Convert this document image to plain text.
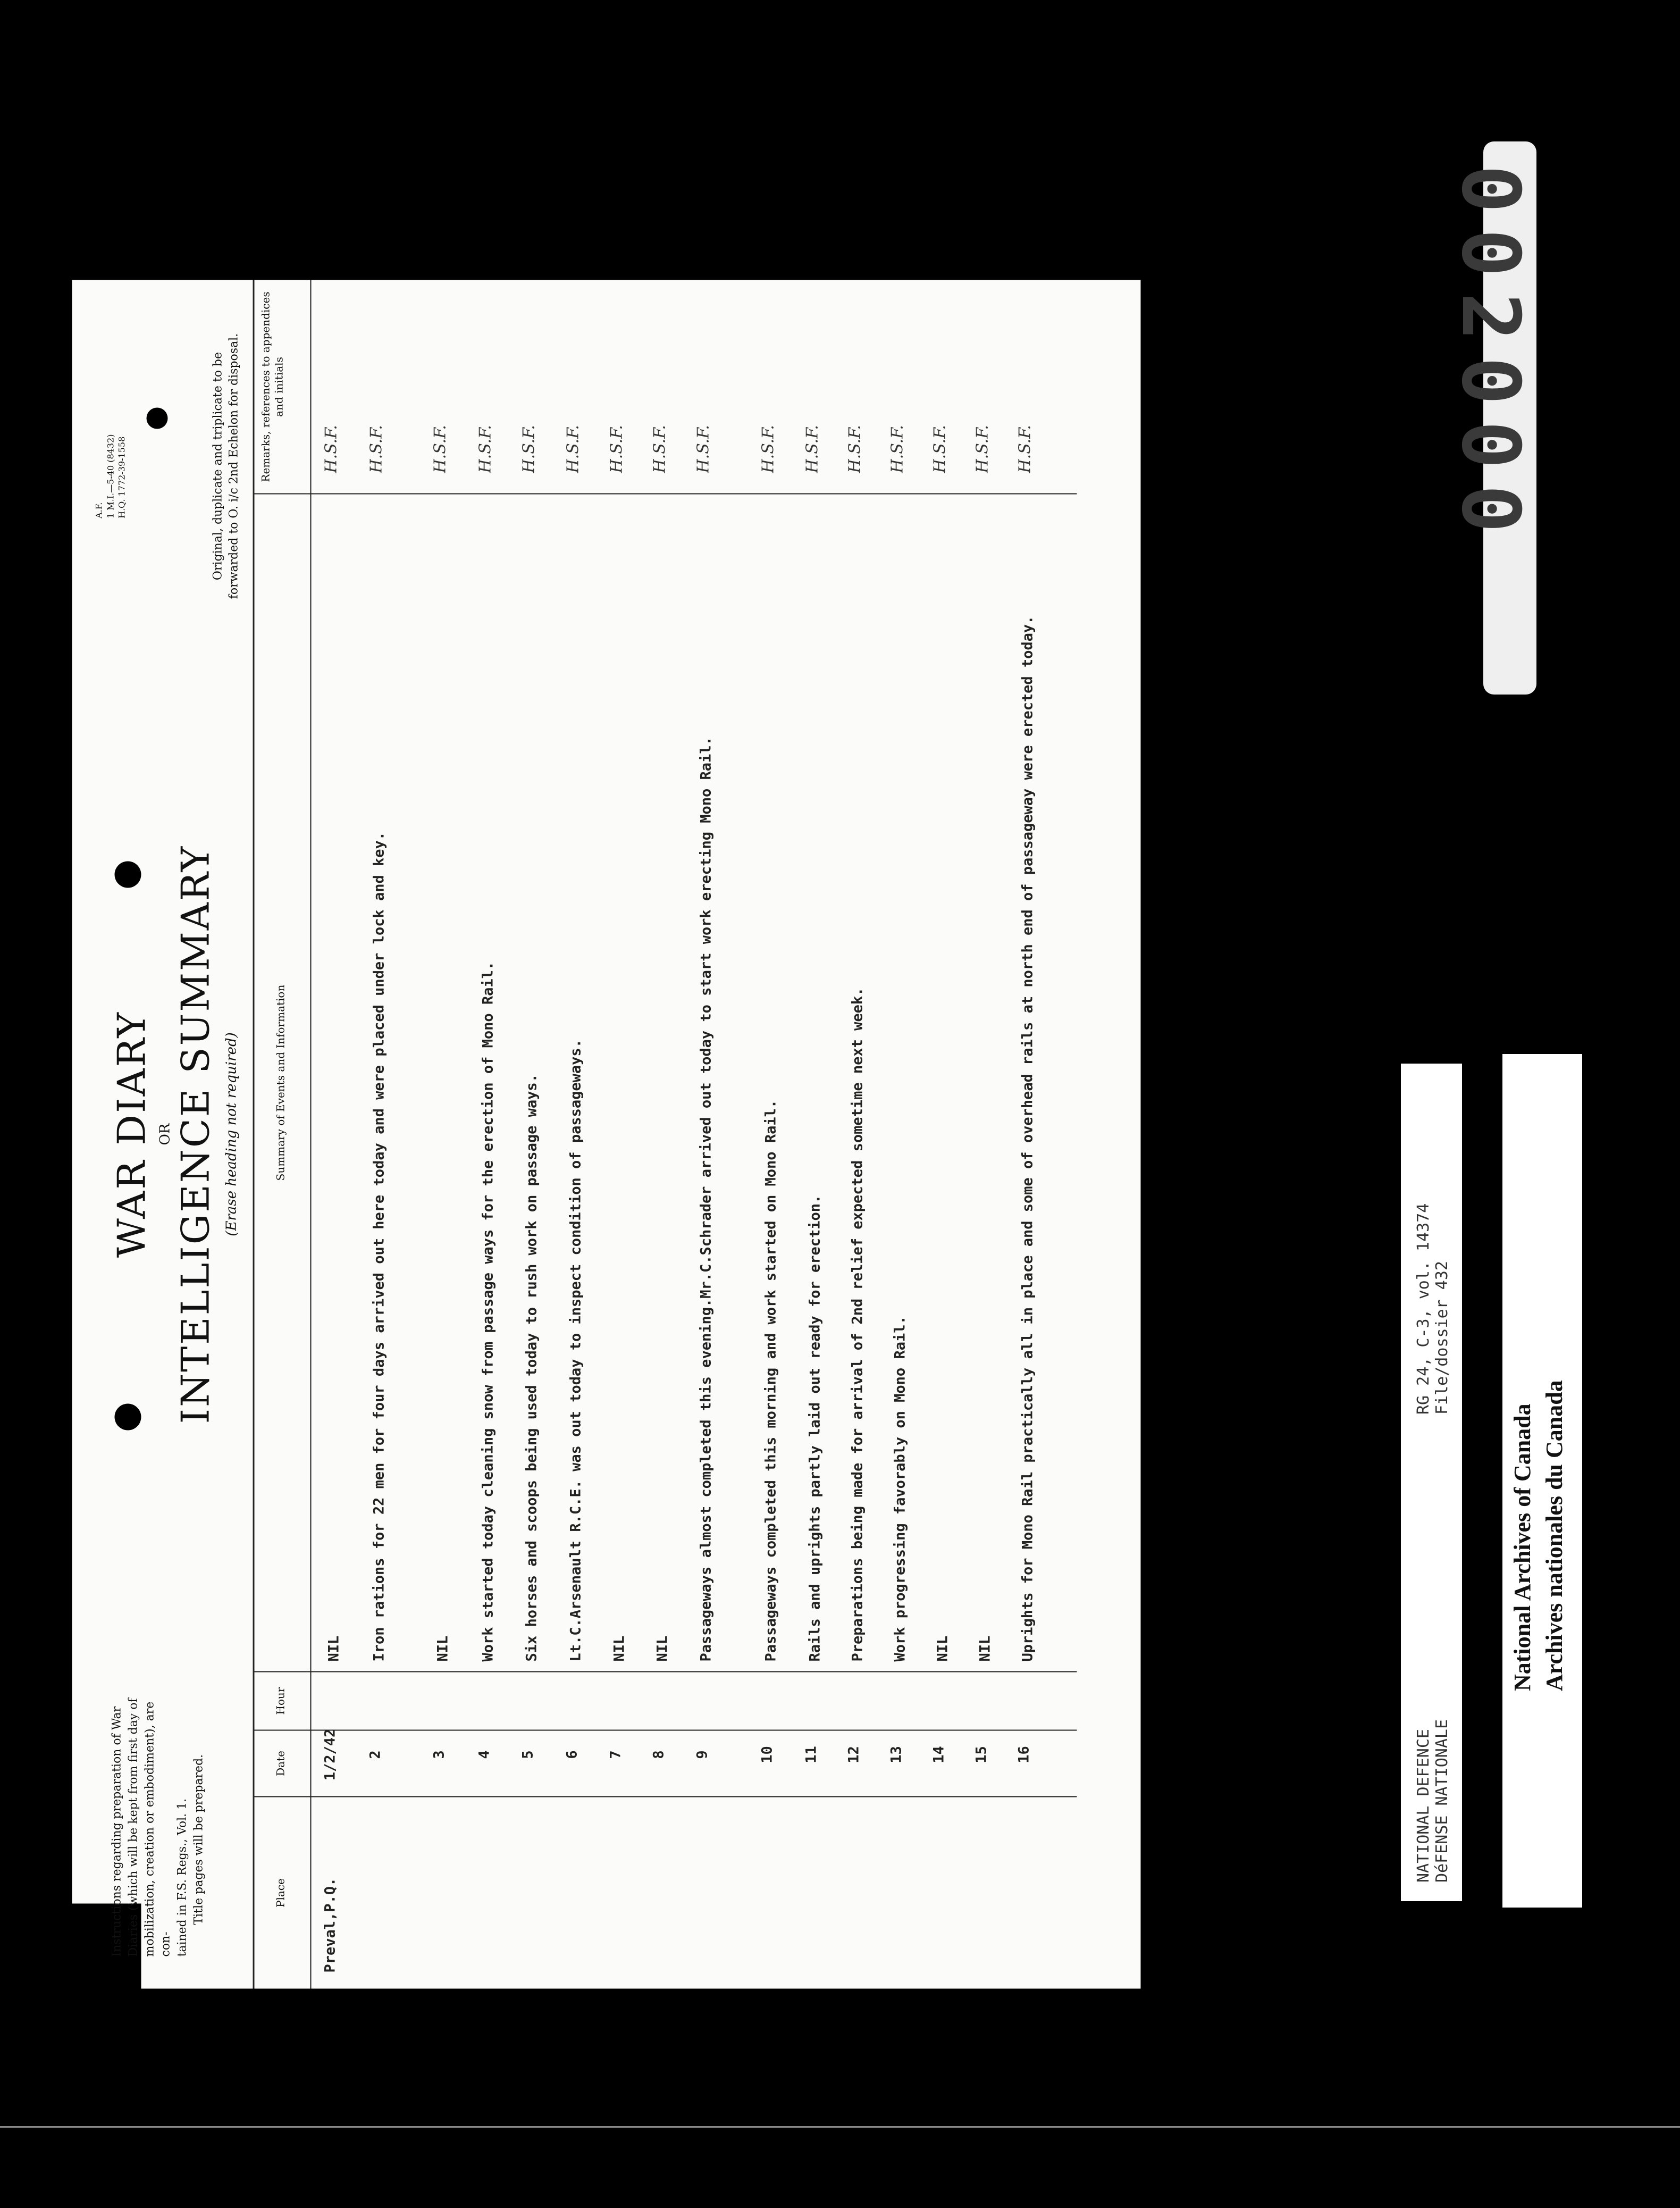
Instructions regarding preparation of War Diaries (which will be kept from first day of mobilization, creation or embodiment), are con- tained in F.S. Regs., Vol. 1. Title pages will be prepared.
WAR DIARY OR INTELLIGENCE SUMMARY (Erase heading not required)
A.F. 1 M.I.—5-40 (8432) H.Q. 1772-39-1558	Original, duplicate and triplicate to be forwarded to O. i/c 2nd Echelon for disposal.
Place
Date
Hour
Summary of Events and Information
Remarks, references to appendices and initials
Preval,P.Q.
1/2/42
NIL
H.S.F.
2
Iron rations for 22 men for four days arrived out here today and were placed under lock and key.
H.S.F.
3
NIL
H.S.F.
4
Work started today cleaning snow from passage ways for the erection of Mono Rail.
H.S.F.
5
Six horses and scoops being used today to rush work on passage ways.
H.S.F.
6
Lt.C.Arsenault R.C.E. was out today to inspect condition of passageways.
H.S.F.
7
NIL
H.S.F.
8
NIL
H.S.F.
9
Passageways almost completed this evening.Mr.C.Schrader arrived out today to start work erecting Mono Rail.
H.S.F.
10
Passageways completed this morning and work started on Mono Rail.
H.S.F.
11
Rails and uprights partly laid out ready for erection.
H.S.F.
12
Preparations being made for arrival of 2nd relief expected sometime next week.
H.S.F.
13
Work progressing favorably on Mono Rail.
H.S.F.
14
NIL
H.S.F.
15
NIL
H.S.F.
16
Uprights for Mono Rail practically all in place and some of overhead rails at north end of passageway were erected today.
H.S.F.	002000
NATIONAL DEFENCE DéFENSE NATIONALE
RG 24, C-3, vol. 14374 File/dossier 432
National Archives of Canada Archives nationales du Canada
